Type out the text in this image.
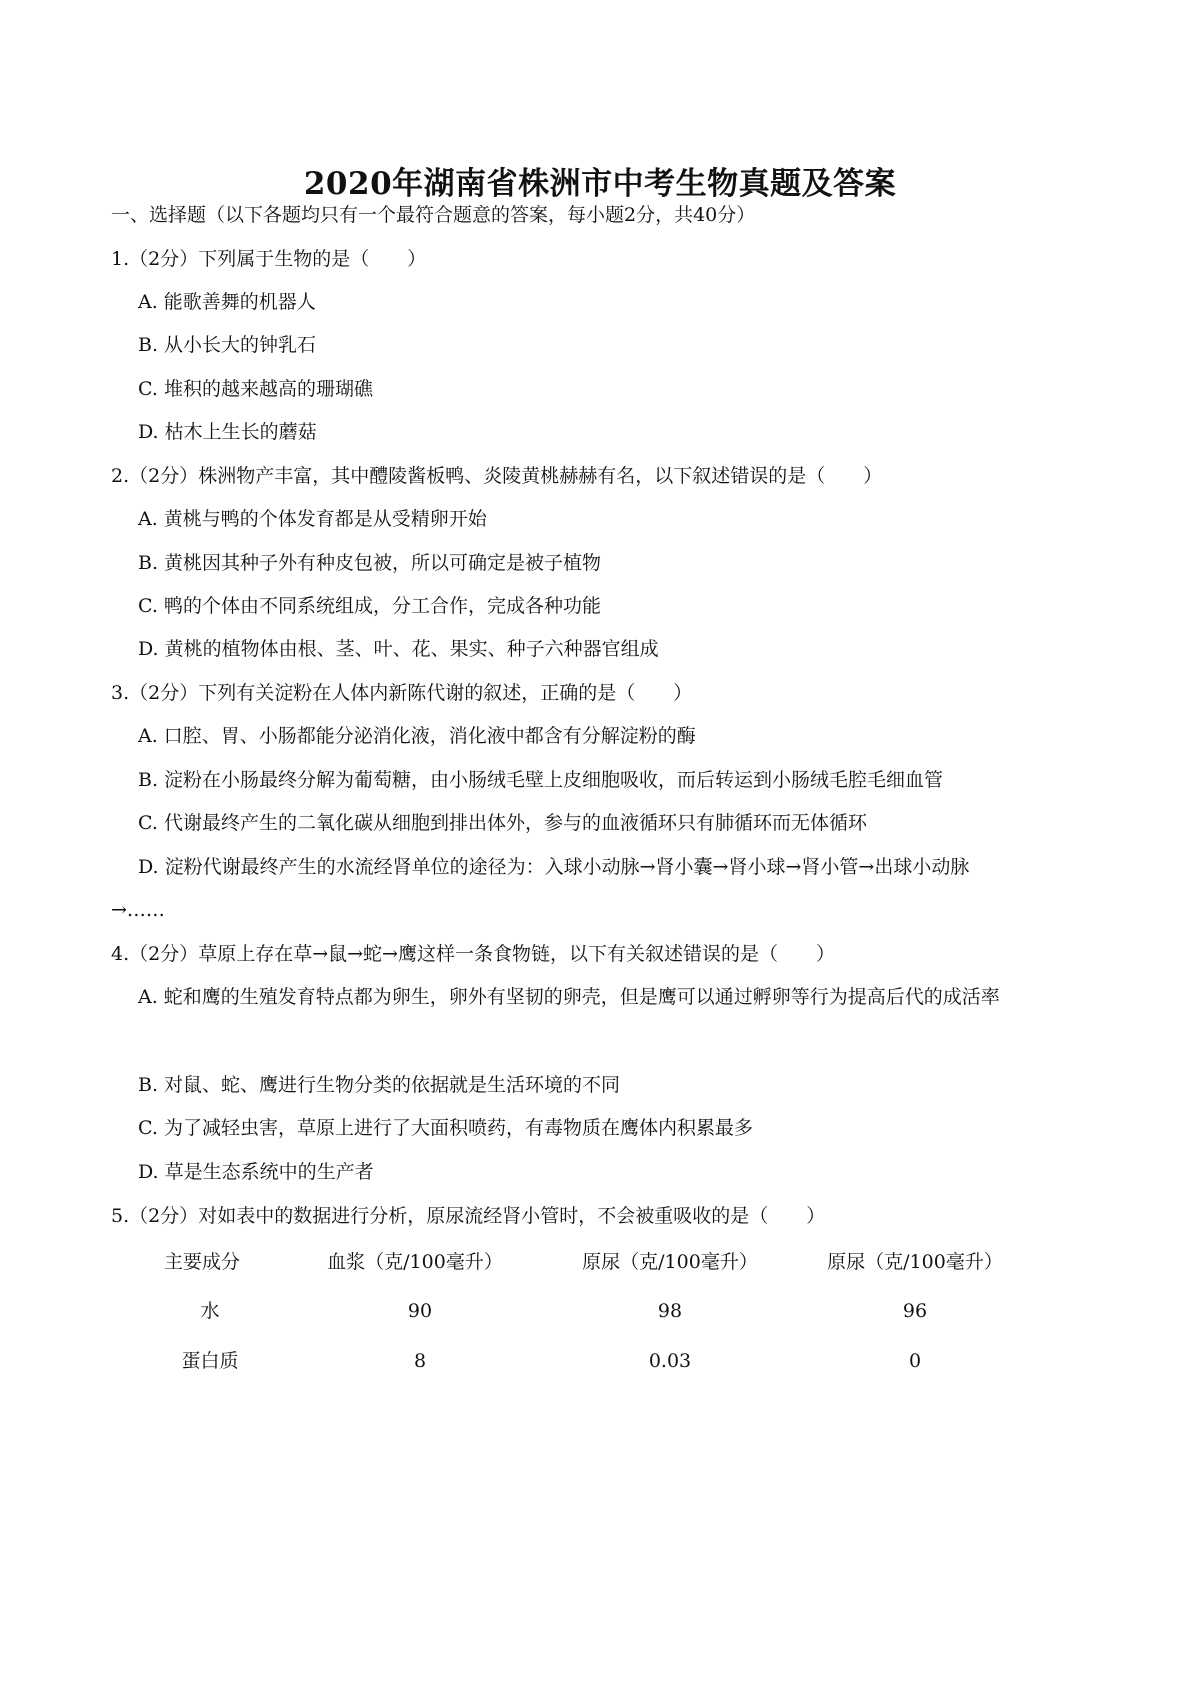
2020年湖南省株洲市中考生物真题及答案
一、选择题（以下各题均只有一个最符合题意的答案，每小题2分，共40分）
1.（2分）下列属于生物的是（　　）
A. 能歌善舞的机器人
B. 从小长大的钟乳石
C. 堆积的越来越高的珊瑚礁
D. 枯木上生长的蘑菇
2.（2分）株洲物产丰富，其中醴陵酱板鸭、炎陵黄桃赫赫有名，以下叙述错误的是（　　）
A. 黄桃与鸭的个体发育都是从受精卵开始
B. 黄桃因其种子外有种皮包被，所以可确定是被子植物
C. 鸭的个体由不同系统组成，分工合作，完成各种功能
D. 黄桃的植物体由根、茎、叶、花、果实、种子六种器官组成
3.（2分）下列有关淀粉在人体内新陈代谢的叙述，正确的是（　　）
A. 口腔、胃、小肠都能分泌消化液，消化液中都含有分解淀粉的酶
B. 淀粉在小肠最终分解为葡萄糖，由小肠绒毛壁上皮细胞吸收，而后转运到小肠绒毛腔毛细血管
C. 代谢最终产生的二氧化碳从细胞到排出体外，参与的血液循环只有肺循环而无体循环
D. 淀粉代谢最终产生的水流经肾单位的途径为：入球小动脉→肾小囊→肾小球→肾小管→出球小动脉
→……
4.（2分）草原上存在草→鼠→蛇→鹰这样一条食物链，以下有关叙述错误的是（　　）
A. 蛇和鹰的生殖发育特点都为卵生，卵外有坚韧的卵壳，但是鹰可以通过孵卵等行为提高后代的成活率
B. 对鼠、蛇、鹰进行生物分类的依据就是生活环境的不同
C. 为了减轻虫害，草原上进行了大面积喷药，有毒物质在鹰体内积累最多
D. 草是生态系统中的生产者
5.（2分）对如表中的数据进行分析，原尿流经肾小管时，不会被重吸收的是（　　）
主要成分	血浆（克/100毫升）	原尿（克/100毫升）	原尿（克/100毫升）
水	90	98	96
蛋白质	8	0.03	0
